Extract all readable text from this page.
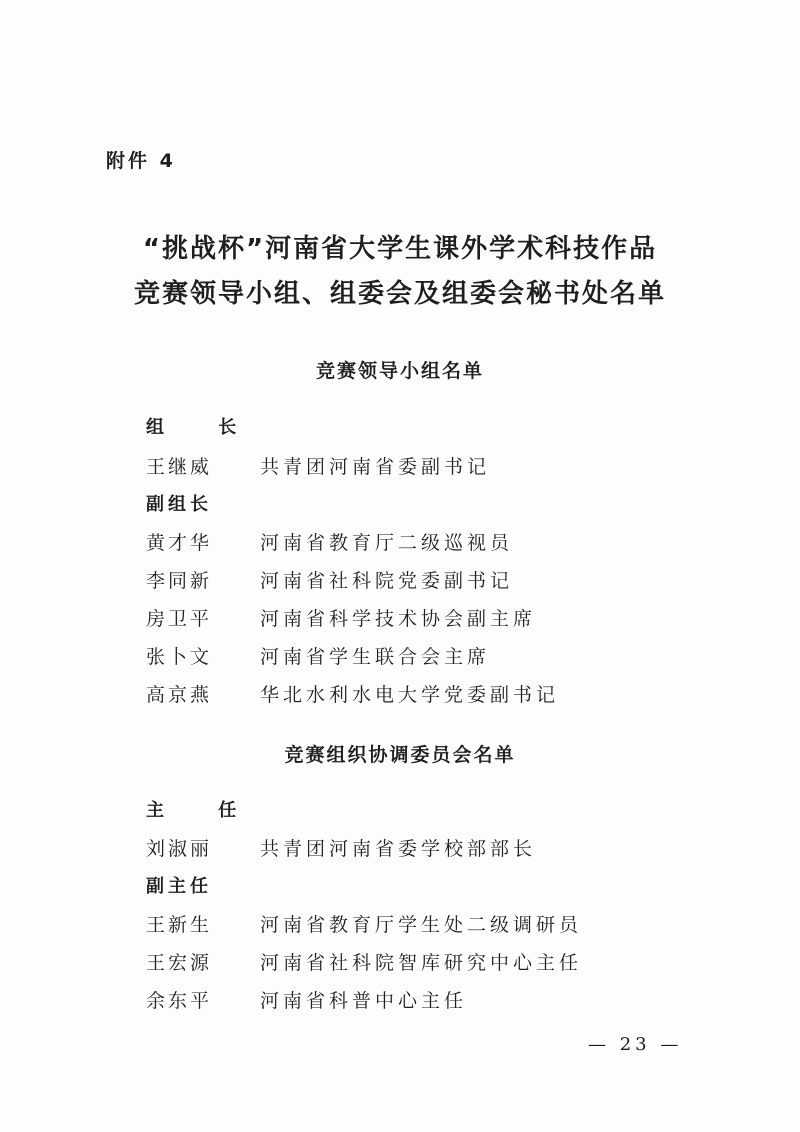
附件 4
“挑战杯”河南省大学生课外学术科技作品
竞赛领导小组、组委会及组委会秘书处名单
竞赛领导小组名单
组 长
王继威	共青团河南省委副书记
副组长
黄才华	河南省教育厅二级巡视员
李同新	河南省社科院党委副书记
房卫平	河南省科学技术协会副主席
张卜文	河南省学生联合会主席
高京燕	华北水利水电大学党委副书记
竞赛组织协调委员会名单
主 任
刘淑丽	共青团河南省委学校部部长
副主任
王新生	河南省教育厅学生处二级调研员
王宏源	河南省社科院智库研究中心主任
余东平	河南省科普中心主任
— 23 —
